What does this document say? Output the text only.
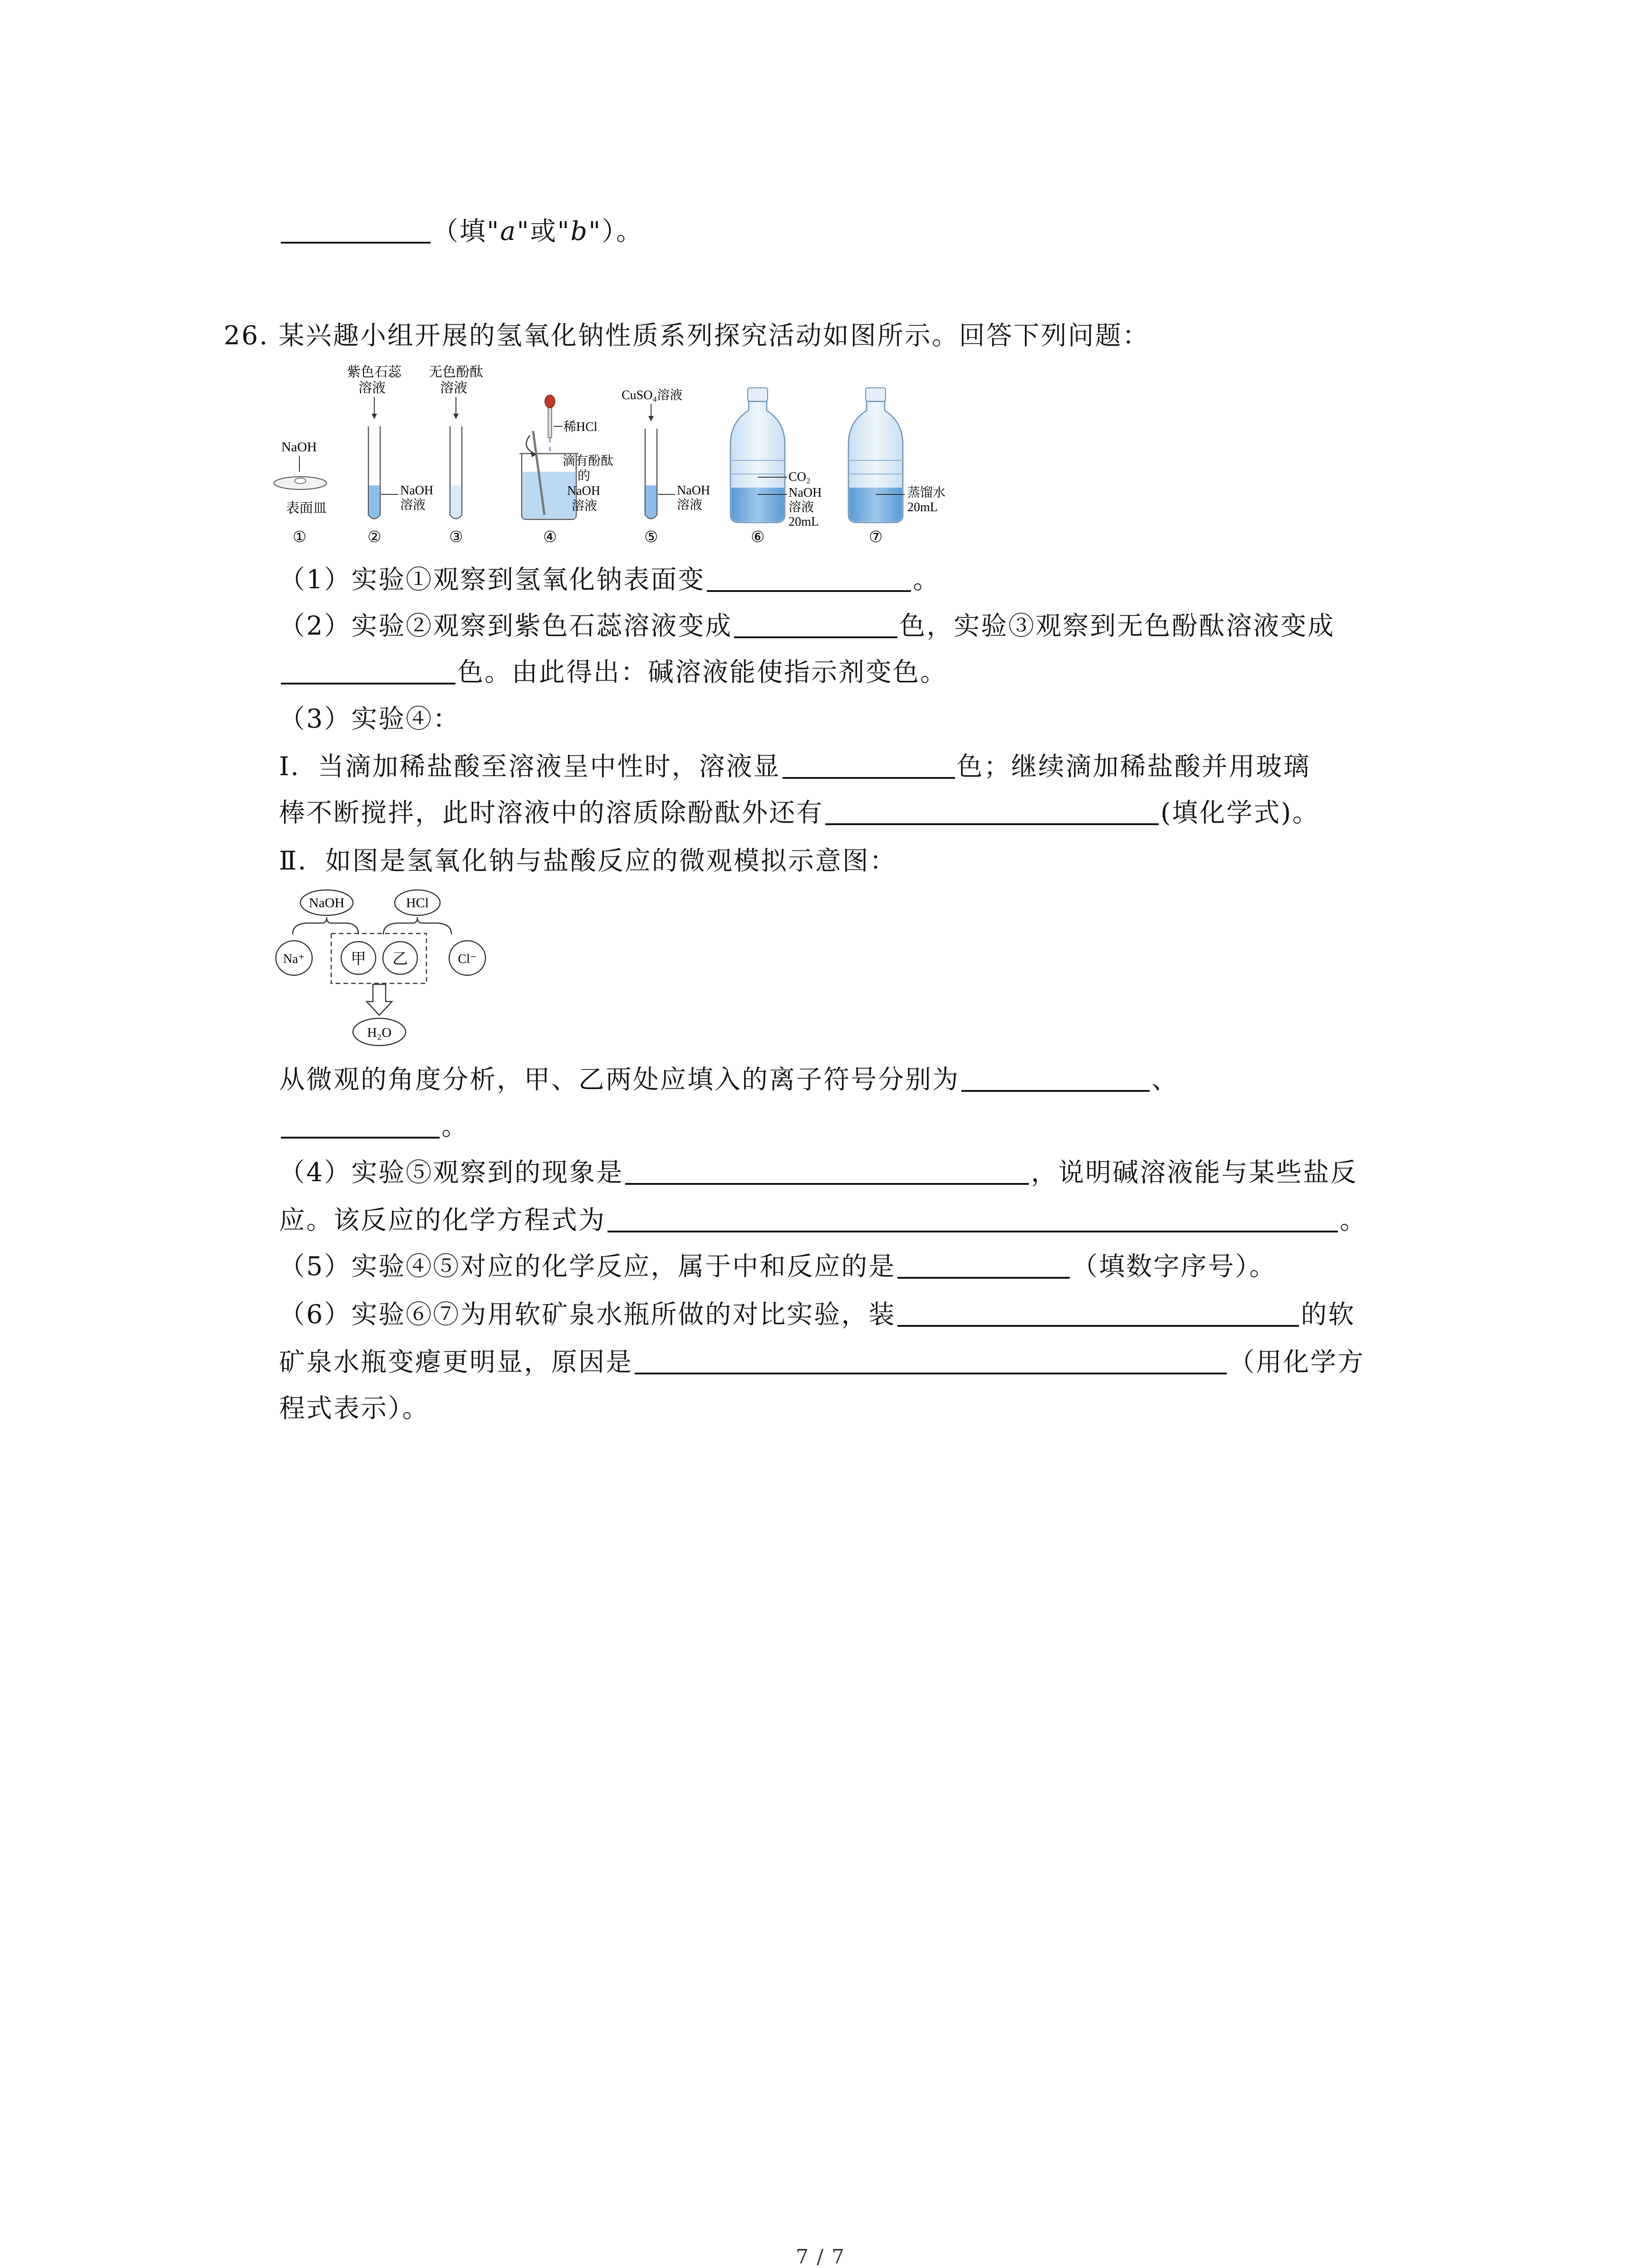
（填"a"或"b"）。
26. 某兴趣小组开展的氢氧化钠性质系列探究活动如图所示。回答下列问题：
NaOH
表面皿
①
紫色石蕊
溶液
NaOH
溶液
②
无色酚酞
溶液
③
稀HCl
滴有酚酞
的
NaOH
溶液
④
CuSO₄溶液
NaOH
溶液
⑤
CO₂
NaOH
溶液
20mL
⑥
蒸馏水
20mL
⑦
（1）实验①观察到氢氧化钠表面变	。
（2）实验②观察到紫色石蕊溶液变成	色，实验③观察到无色酚酞溶液变成
色。由此得出：碱溶液能使指示剂变色。
（3）实验④：
Ⅰ．当滴加稀盐酸至溶液呈中性时，溶液显	色；继续滴加稀盐酸并用玻璃
棒不断搅拌，此时溶液中的溶质除酚酞外还有	(填化学式)。
Ⅱ．如图是氢氧化钠与盐酸反应的微观模拟示意图：
NaOH	HCl
Na⁺	甲 乙	Cl⁻
H₂O
从微观的角度分析，甲、乙两处应填入的离子符号分别为	、
。
（4）实验⑤观察到的现象是	，说明碱溶液能与某些盐反
应。该反应的化学方程式为	。
（5）实验④⑤对应的化学反应，属于中和反应的是	（填数字序号）。
（6）实验⑥⑦为用软矿泉水瓶所做的对比实验，装	的软
矿泉水瓶变瘪更明显，原因是	（用化学方
程式表示）。
7 / 7
